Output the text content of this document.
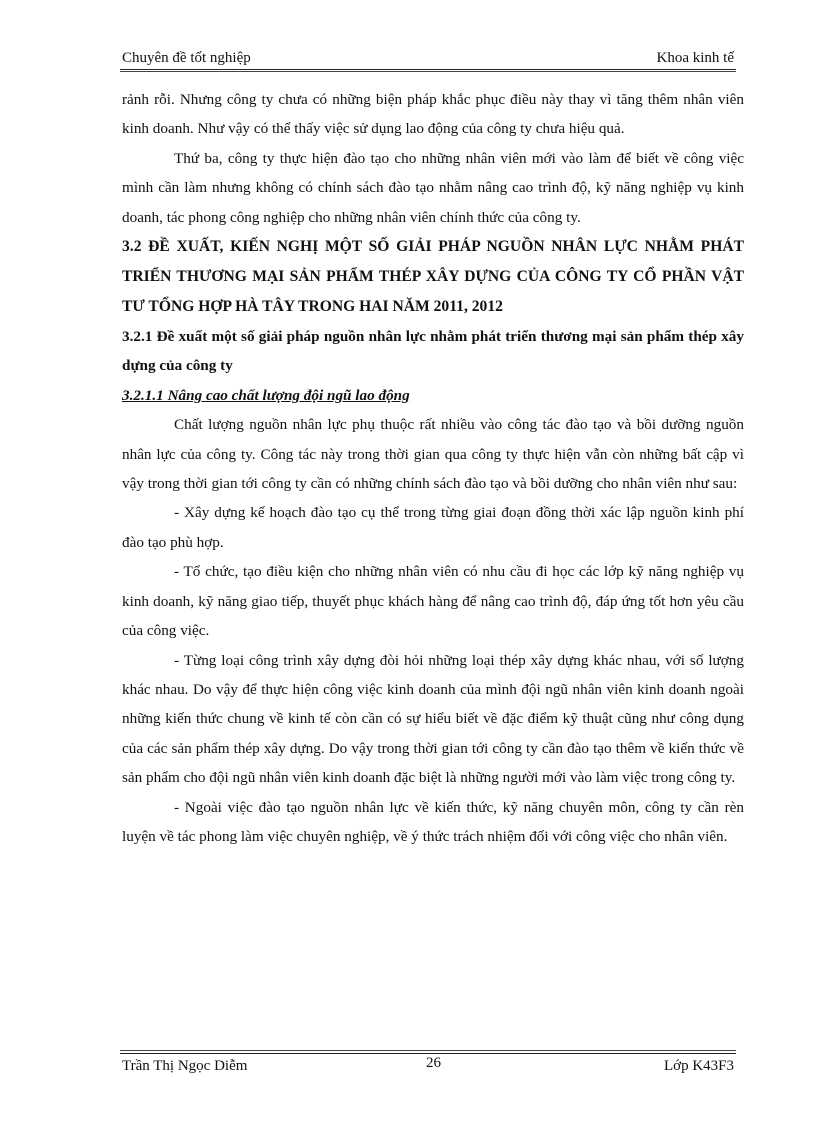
Chuyên đề tốt nghiệp	Khoa kinh tế

rảnh rỗi. Nhưng công ty chưa có những biện pháp khắc phục điều này thay vì tăng thêm nhân viên kinh doanh. Như vậy có thể thấy việc sử dụng lao động của công ty chưa hiệu quả.

Thứ ba, công ty thực hiện đào tạo cho những nhân viên mới vào làm để biết về công việc mình cần làm nhưng không có chính sách đào tạo nhằm nâng cao trình độ, kỹ năng nghiệp vụ kinh doanh, tác phong công nghiệp cho những nhân viên chính thức của công ty.

3.2 ĐỀ XUẤT, KIẾN NGHỊ MỘT SỐ GIẢI PHÁP NGUỒN NHÂN LỰC NHẰM PHÁT TRIỂN THƯƠNG MẠI SẢN PHẨM THÉP XÂY DỰNG CỦA CÔNG TY CỔ PHẦN VẬT TƯ TỔNG HỢP HÀ TÂY TRONG HAI NĂM 2011, 2012

3.2.1 Đề xuất một số giải pháp nguồn nhân lực nhằm phát triển thương mại sản phẩm thép xây dựng của công ty

3.2.1.1 Nâng cao chất lượng đội ngũ lao động

Chất lượng nguồn nhân lực phụ thuộc rất nhiều vào công tác đào tạo và bồi dưỡng nguồn nhân lực của công ty. Công tác này trong thời gian qua công ty thực hiện vẫn còn những bất cập vì vậy trong thời gian tới công ty cần có những chính sách đào tạo và bồi dưỡng cho nhân viên như sau:

- Xây dựng kế hoạch đào tạo cụ thể trong từng giai đoạn đồng thời xác lập nguồn kinh phí đào tạo phù hợp.

- Tổ chức, tạo điều kiện cho những nhân viên có nhu cầu đi học các lớp kỹ năng nghiệp vụ kinh doanh, kỹ năng giao tiếp, thuyết phục khách hàng để nâng cao trình độ, đáp ứng tốt hơn yêu cầu của công việc.

- Từng loại công trình xây dựng đòi hỏi những loại thép xây dựng khác nhau, với số lượng khác nhau. Do vậy để thực hiện công việc kinh doanh của mình đội ngũ nhân viên kinh doanh ngoài những kiến thức chung về kinh tế còn cần có sự hiểu biết về đặc điểm kỹ thuật cũng như công dụng của các sản phẩm thép xây dựng. Do vậy trong thời gian tới công ty cần đào tạo thêm về kiến thức về sản phẩm cho đội ngũ nhân viên kinh doanh đặc biệt là những người mới vào làm việc trong công ty.

- Ngoài việc đào tạo nguồn nhân lực về kiến thức, kỹ năng chuyên môn, công ty cần rèn luyện về tác phong làm việc chuyên nghiệp, về ý thức trách nhiệm đối với công việc cho nhân viên.

Trần Thị Ngọc Diễm	26	Lớp K43F3
